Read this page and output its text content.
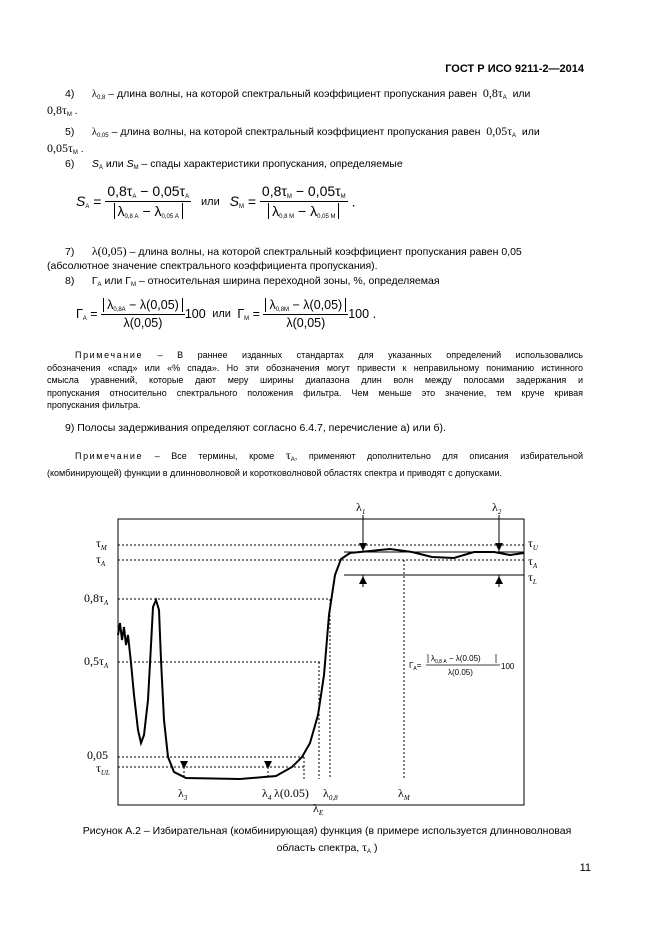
ГОСТ Р ИСО 9211-2—2014
4) $\lambda_{0,8}$ – длина волны, на которой спектральный коэффициент пропускания равен $0,8\tau_A$ или
$0,8\tau_M$ .
5) $\lambda_{0,05}$ – длина волны, на которой спектральный коэффициент пропускания равен $0,05\tau_A$ или
$0,05\tau_M$ .
6) $S_A$ или $S_M$ – спады характеристики пропускания, определяемые
$S_A = \frac{0,8\tau_A - 0,05\tau_A}{\lambda_{0,8 A} - \lambda_{0,05 A}}$ или $S_M = \frac{0,8\tau_M - 0,05\tau_M}{\lambda_{0,8 M} - \lambda_{0,05 M}}$ .
7) λ(0,05) – длина волны, на которой спектральный коэффициент пропускания равен 0,05
(абсолютное значение спектрального коэффициента пропускания).
8) $Г_A$ или $Г_M$ – относительная ширина переходной зоны, %, определяемая
$Г_A = \frac{\lambda_{0,8A} - \lambda(0,05)}{\lambda(0,05)} 100$ или $Г_M = \frac{\lambda_{0,8M} - \lambda(0,05)}{\lambda(0,05)} 100$ .
Примечание – В раннее изданных стандартах для указанных определений использовались
обозначения «спад» или «% спада». Но эти обозначения могут привести к неправильному пониманию истинного
смысла уравнений, которые дают меру ширины диапазона длин волн между полосами задержания и
пропускания относительно спектрального положения фильтра. Чем меньше это значение, тем круче кривая
пропускания фильтра.
9) Полосы задерживания определяют согласно 6.4.7, перечисление а) или б).
Примечание – Все термины, кроме $\tau_A$, применяют дополнительно для описания избирательной
(комбинирующей) функции в длинноволновой и коротковолновой областях спектра и приводят с допусками.
$\tau_M$
$\tau_A$
$0,8\tau_A$
$0,5\tau_A$
0,05
$\tau_{UL}$
$\tau_U$
$\tau_A$
$\tau_L$
$\lambda_1$	$\lambda_2$
$\lambda_3$	$\lambda_4$ λ(0.05) $\lambda_{0,8}$
$\lambda_E$
$\lambda_M$
$Г_A=$
$\lambda_{0,8 A} - \lambda(0.05)$
λ(0.05)
100
Рисунок А.2 – Избирательная (комбинирующая) функция (в примере используется длинноволновая
область спектра, $\tau_A$ )
11
